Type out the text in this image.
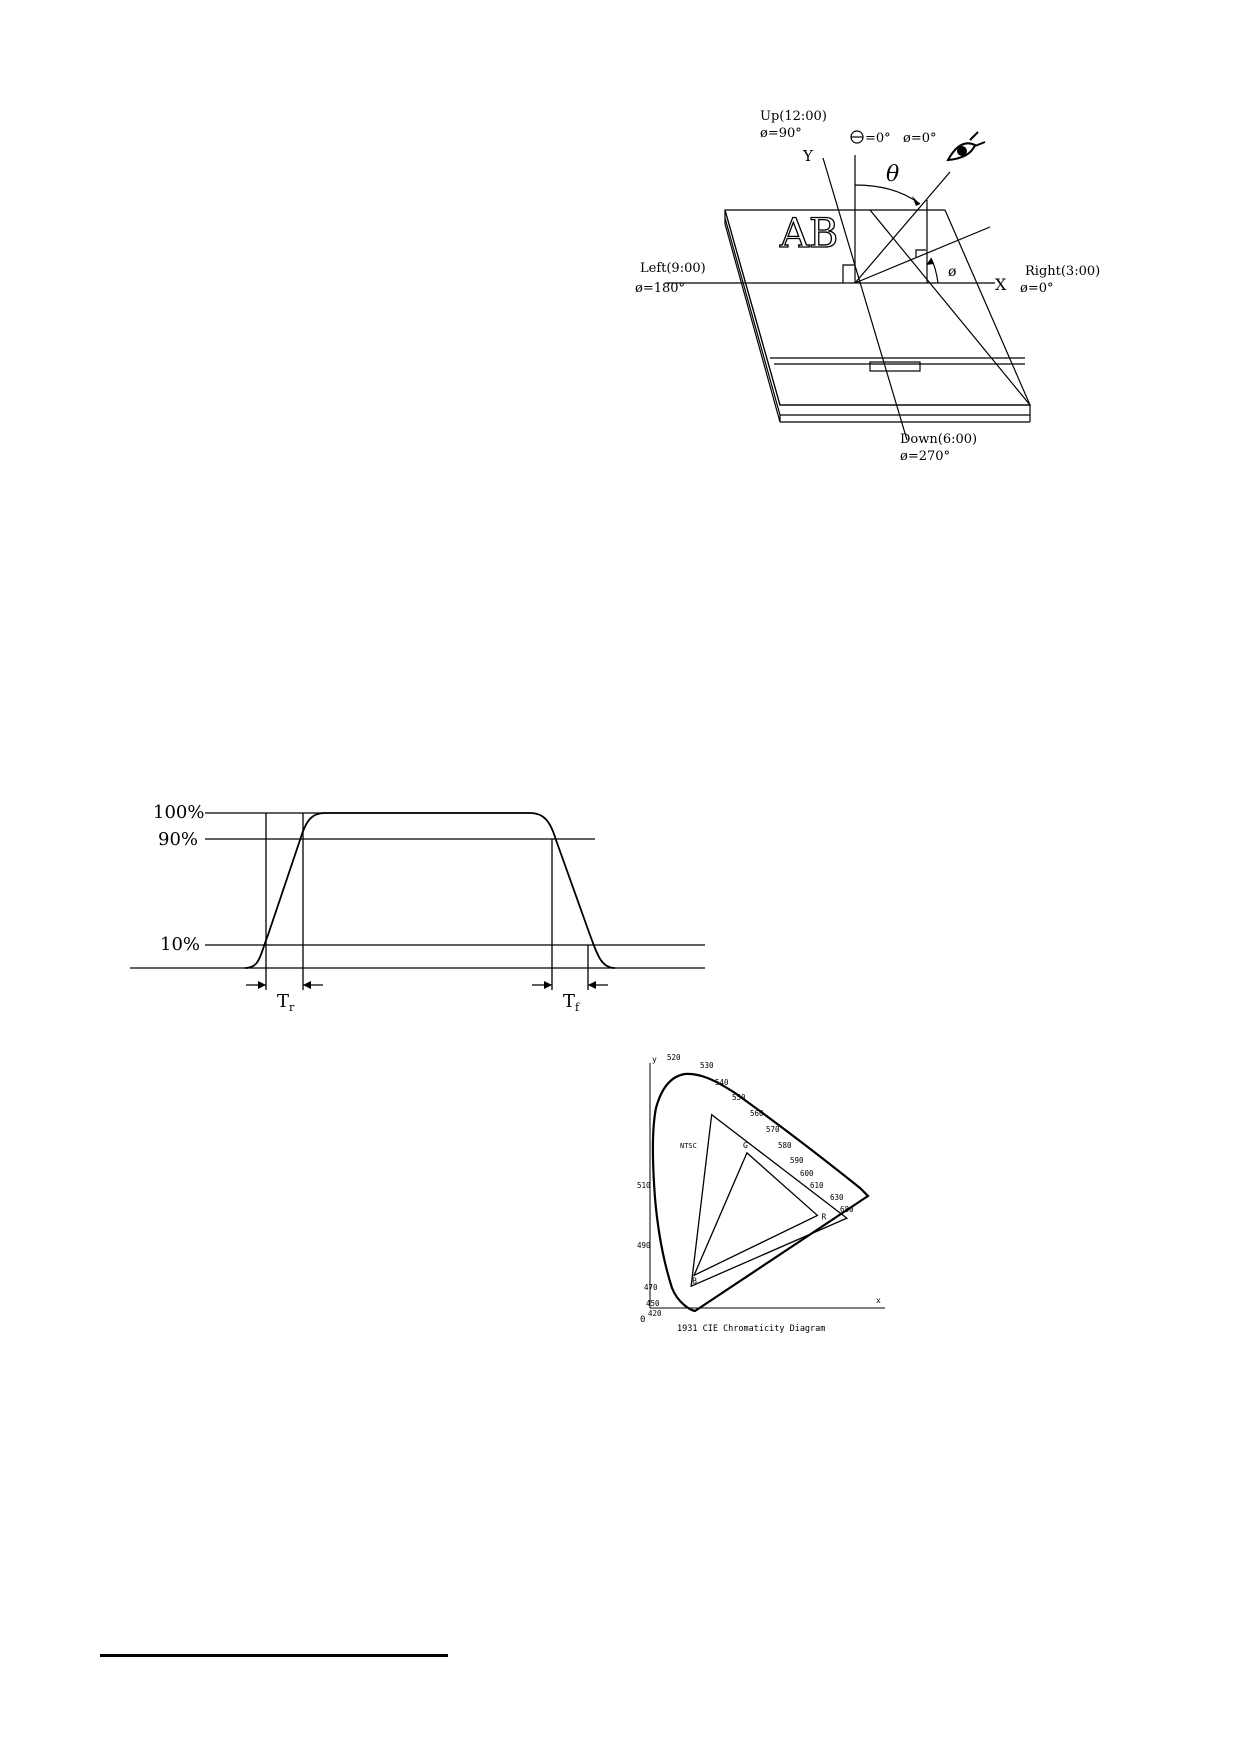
AB
Up(12:00)
ø=90°
Y
=0° ø=0°
θ
ø
Left(9:00)
ø=180°	X
Right(3:00)
ø=0°
Down(6:00)
ø=270°
100%
90%
10%
$T_r$	$T_f$
R
G
B
NTSC
420
450
470
490
510
520
530
540
550
560
570
580
590
600
610
630
680
x
y
0
1931 CIE Chromaticity Diagram
